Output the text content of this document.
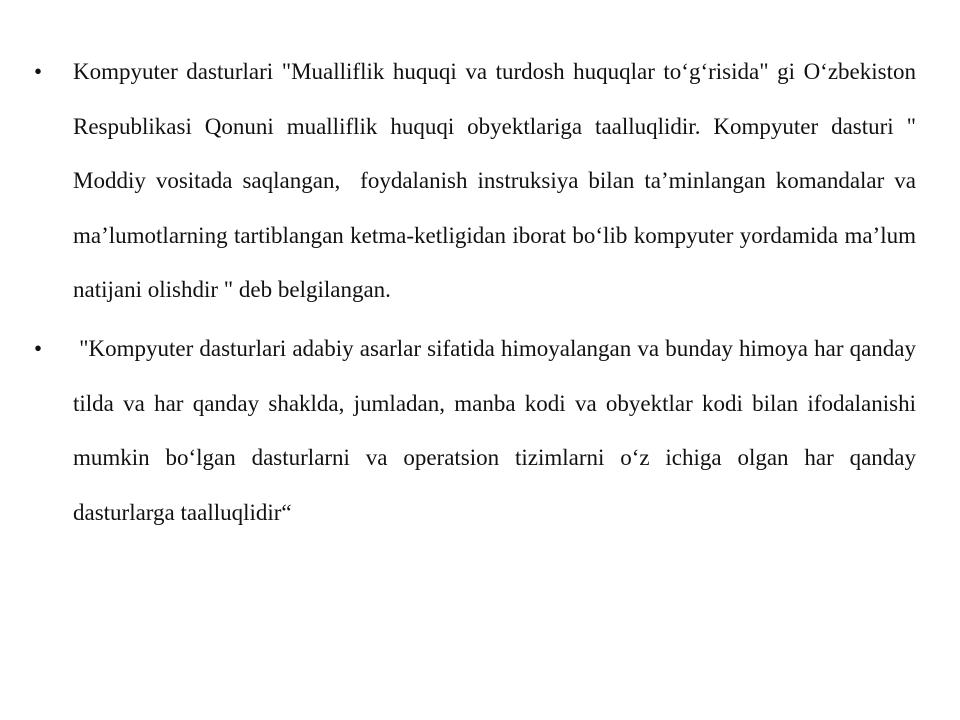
•	Kompyuter dasturlari "Mualliflik huquqi va turdosh huquqlar to‘g‘risida" gi O‘zbekiston Respublikasi Qonuni mualliflik huquqi obyektlariga taalluqlidir. Kompyuter dasturi " Moddiy vositada saqlangan,  foydalanish instruksiya bilan ta’minlangan komandalar va ma’lumotlarning tartiblangan ketma-ketligidan iborat bo‘lib kompyuter yordamida ma’lum natijani olishdir " deb belgilangan.
•	"Kompyuter dasturlari adabiy asarlar sifatida himoyalangan va bunday himoya har qanday tilda va har qanday shaklda, jumladan, manba kodi va obyektlar kodi bilan ifodalanishi mumkin bo‘lgan dasturlarni va operatsion tizimlarni o‘z ichiga olgan har qanday dasturlarga taalluqlidir“
